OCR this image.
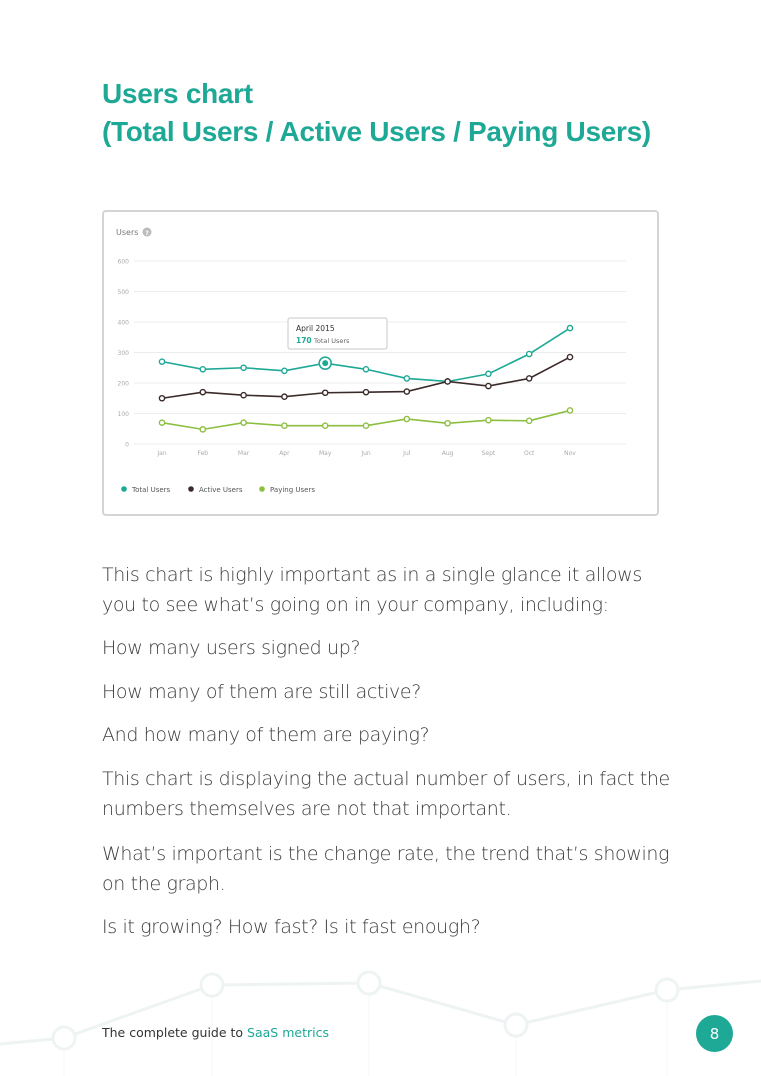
Users chart
(Total Users / Active Users / Paying Users)
Users ?
0
100
200
300
400
500
600
Jan	Feb	Mar	Apr	May	Jun	Jul	Aug	Sept	Oct	Nov
April 2015
170 Total Users
Total Users	Active Users	Paying Users

This chart is highly important as in a single glance it allows you to see what’s going on in your company, including:

How many users signed up?

How many of them are still active?

And how many of them are paying?

This chart is displaying the actual number of users, in fact the numbers themselves are not that important.

What’s important is the change rate, the trend that’s showing on the graph.

Is it growing? How fast? Is it fast enough?

The complete guide to SaaS metrics	8
